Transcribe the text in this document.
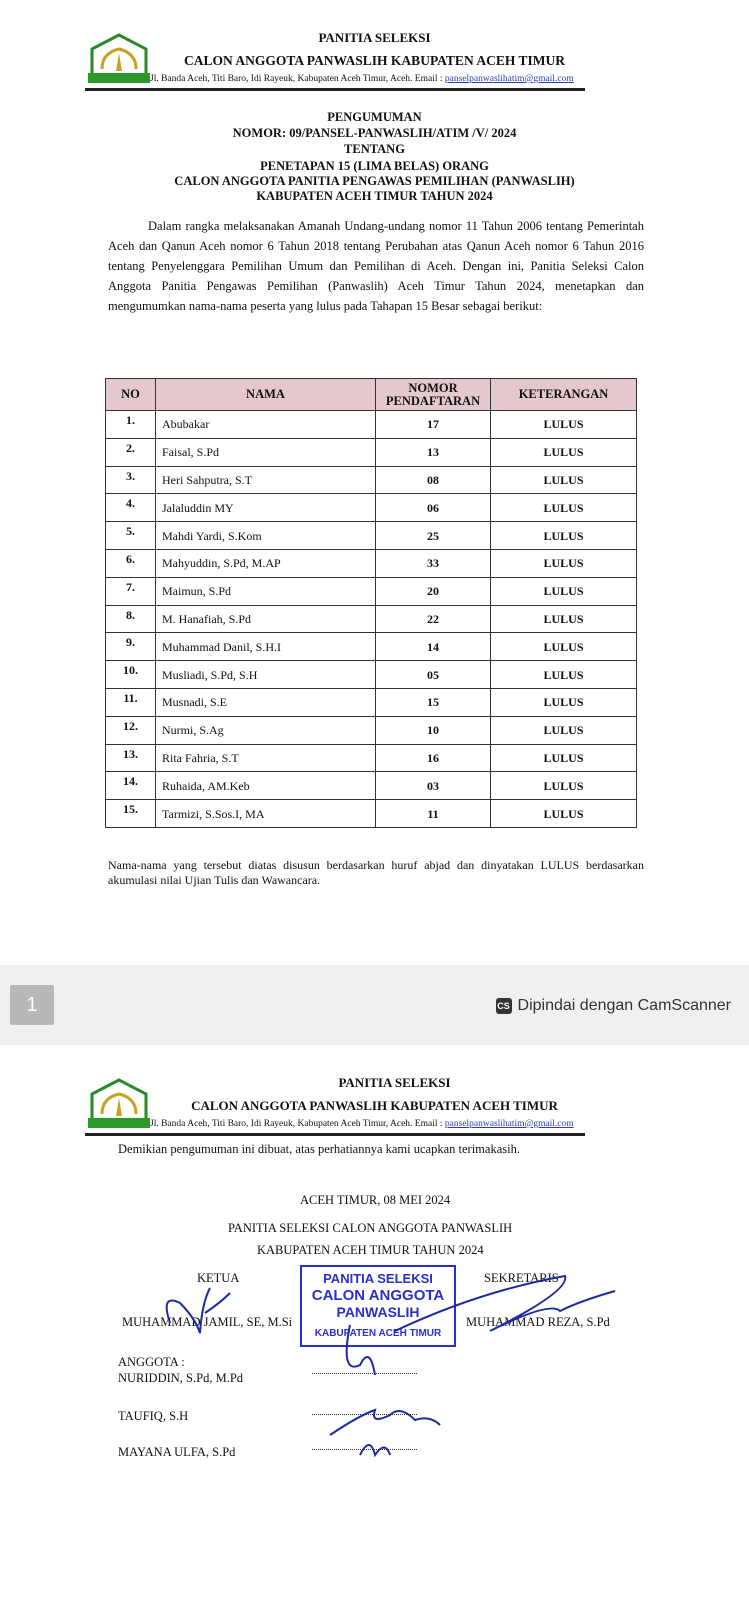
PANITIA SELEKSI
CALON ANGGOTA PANWASLIH KABUPATEN ACEH TIMUR
Jl. Banda Aceh, Titi Baro, Idi Rayeuk, Kabupaten Aceh Timur, Aceh. Email : panselpanwaslihatim@gmail.com
PENGUMUMAN
NOMOR: 09/PANSEL-PANWASLIH/ATIM /V/ 2024
TENTANG
PENETAPAN 15 (LIMA BELAS) ORANG
CALON ANGGOTA PANITIA PENGAWAS PEMILIHAN (PANWASLIH)
KABUPATEN ACEH TIMUR TAHUN 2024
Dalam rangka melaksanakan Amanah Undang-undang nomor 11 Tahun 2006 tentang Pemerintah Aceh dan Qanun Aceh nomor 6 Tahun 2018 tentang Perubahan atas Qanun Aceh nomor 6 Tahun 2016 tentang Penyelenggara Pemilihan Umum dan Pemilihan di Aceh. Dengan ini, Panitia Seleksi Calon Anggota Panitia Pengawas Pemilihan (Panwaslih) Aceh Timur Tahun 2024, menetapkan dan mengumumkan nama-nama peserta yang lulus pada Tahapan 15 Besar sebagai berikut:
NO	NAMA	NOMOR PENDAFTARAN	KETERANGAN
1.	Abubakar	17	LULUS
2.	Faisal, S.Pd	13	LULUS
3.	Heri Sahputra, S.T	08	LULUS
4.	Jalaluddin MY	06	LULUS
5.	Mahdi Yardi, S.Kom	25	LULUS
6.	Mahyuddin, S.Pd, M.AP	33	LULUS
7.	Maimun, S.Pd	20	LULUS
8.	M. Hanafiah, S.Pd	22	LULUS
9.	Muhammad Danil, S.H.I	14	LULUS
10.	Musliadi, S.Pd, S.H	05	LULUS
11.	Musnadi, S.E	15	LULUS
12.	Nurmi, S.Ag	10	LULUS
13.	Rita Fahria, S.T	16	LULUS
14.	Ruhaida, AM.Keb	03	LULUS
15.	Tarmizi, S.Sos.I, MA	11	LULUS
Nama-nama yang tersebut diatas disusun berdasarkan huruf abjad dan dinyatakan LULUS berdasarkan akumulasi nilai Ujian Tulis dan Wawancara.
1	CS Dipindai dengan CamScanner
PANITIA SELEKSI
CALON ANGGOTA PANWASLIH KABUPATEN ACEH TIMUR
Jl. Banda Aceh, Titi Baro, Idi Rayeuk, Kabupaten Aceh Timur, Aceh. Email : panselpanwaslihatim@gmail.com
Demikian pengumuman ini dibuat, atas perhatiannya kami ucapkan terimakasih.
ACEH TIMUR, 08 MEI 2024
PANITIA SELEKSI CALON ANGGOTA PANWASLIH
KABUPATEN ACEH TIMUR TAHUN 2024
PANITIA SELEKSI
CALON ANGGOTA
PANWASLIH
KABUPATEN ACEH TIMUR
KETUA	SEKRETARIS
MUHAMMAD JAMIL, SE, M.Si	MUHAMMAD REZA, S.Pd
ANGGOTA :
NURIDDIN, S.Pd, M.Pd
TAUFIQ, S.H
MAYANA ULFA, S.Pd
